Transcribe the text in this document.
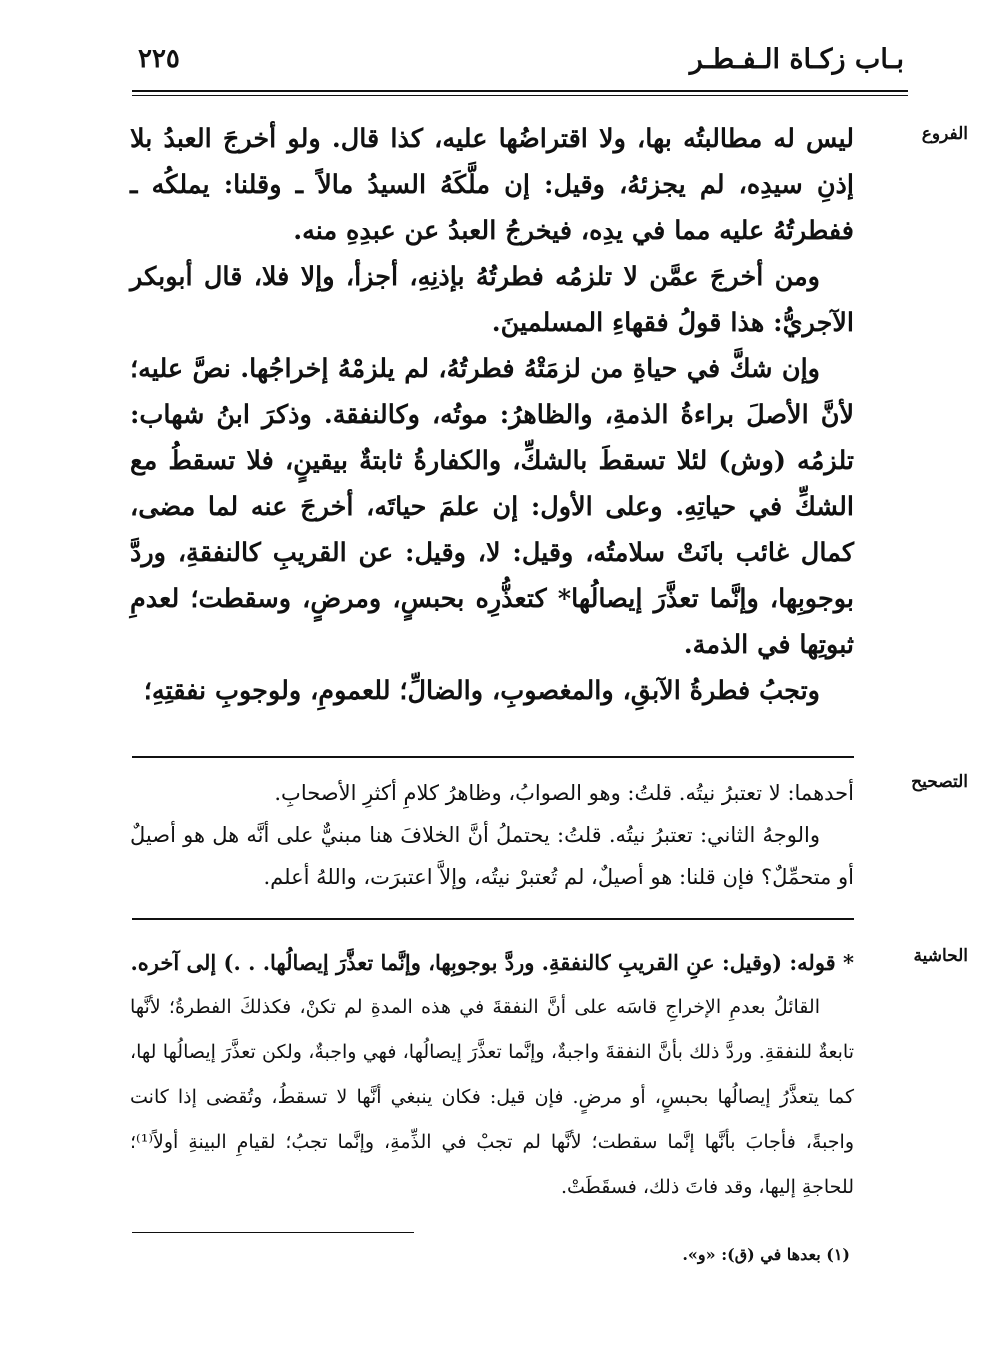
بـاب زكـاة الـفـطـر
٢٢٥
الفروع

ليس له مطالبتُه بها، ولا اقتراضُها عليه، كذا قال. ولو أخرجَ العبدُ بلا إذنِ سيدِه، لم يجزئهُ، وقيل: إن ملَّكَهُ السيدُ مالاً ـ وقلنا: يملكُه ـ ففطرتُهُ عليه مما في يدِه، فيخرجُ العبدُ عن عبدِهِ منه.

ومن أخرجَ عمَّن لا تلزمُه فطرتُهُ بإذنِهِ، أجزأ، وإلا فلا، قال أبوبكر الآجريُّ: هذا قولُ فقهاءِ المسلمينَ.

وإن شكَّ في حياةِ من لزمَتْهُ فطرتُهُ، لم يلزمْهُ إخراجُها. نصَّ عليه؛ لأنَّ الأصلَ براءةُ الذمةِ، والظاهرُ: موتُه، وكالنفقة. وذكرَ ابنُ شهاب: تلزمُه (وش) لئلا تسقطَ بالشكِّ، والكفارةُ ثابتةٌ بيقينٍ، فلا تسقطُ مع الشكِّ في حياتِهِ. وعلى الأول: إن علمَ حياتَه، أخرجَ عنه لما مضى، كمال غائب بانَتْ سلامتُه، وقيل: لا، وقيل: عن القريبِ كالنفقةِ، وردَّ بوجوبِها، وإنَّما تعذَّرَ إيصالُها* كتعذُّرِه بحبسٍ، ومرضٍ، وسقطت؛ لعدمِ ثبوتِها في الذمة.

وتجبُ فطرةُ الآبقِ، والمغصوبِ، والضالِّ؛ للعمومِ، ولوجوبِ نفقتِهِ؛

التصحيح

أحدهما: لا تعتبرُ نيتُه. قلتُ: وهو الصوابُ، وظاهرُ كلامِ أكثرِ الأصحابِ.

والوجهُ الثاني: تعتبرُ نيتُه. قلتُ: يحتملُ أنَّ الخلافَ هنا مبنيٌّ على أنَّه هل هو أصيلٌ أو متحمِّلٌ؟ فإن قلنا: هو أصيلٌ، لم تُعتبرْ نيتُه، وإلاَّ اعتبرَت، واللهُ أعلم.

الحاشية

* قوله: (وقيل: عنِ القريبِ كالنفقةِ. وردَّ بوجوبِها، وإنَّما تعذَّرَ إيصالُها. . .) إلى آخره.

القائلُ بعدمِ الإخراجِ قاسَه على أنَّ النفقةَ في هذه المدةِ لم تكنْ، فكذلكَ الفطرةُ؛ لأنَّها تابعةٌ للنفقةِ. وردَّ ذلك بأنَّ النفقةَ واجبةٌ، وإنَّما تعذَّرَ إيصالُها، فهي واجبةٌ، ولكن تعذَّرَ إيصالُها لها، كما يتعذَّرُ إيصالُها بحبسٍ، أو مرضٍ. فإن قيل: فكان ينبغي أنَّها لا تسقطُ، وتُقضى إذا كانت واجبةً، فأجابَ بأنَّها إنَّما سقطت؛ لأنَّها لم تجبْ في الذِّمةِ، وإنَّما تجبُ؛ لقيامِ البينةِ أولاً⁽¹⁾؛ للحاجةِ إليها، وقد فاتَ ذلك، فسقَطَتْ.

(١) بعدها في (ق): «و».
